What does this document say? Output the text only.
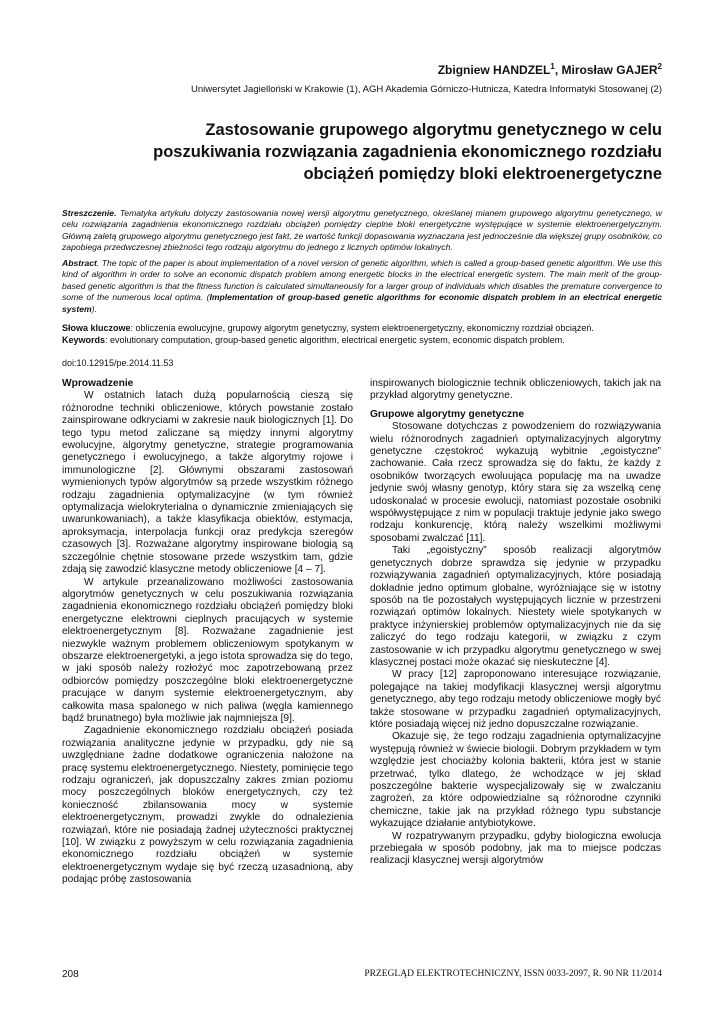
Zbigniew HANDZEL$^1$, Mirosław GAJER$^2$
Uniwersytet Jagielloński w Krakowie (1), AGH Akademia Górniczo-Hutnicza, Katedra Informatyki Stosowanej (2)
Zastosowanie grupowego algorytmu genetycznego w celu poszukiwania rozwiązania zagadnienia ekonomicznego rozdziału obciążeń pomiędzy bloki elektroenergetyczne
Streszczenie. Tematyka artykułu dotyczy zastosowania nowej wersji algorytmu genetycznego, określanej mianem grupowego algorytmu genetycznego, w celu rozwiązania zagadnienia ekonomicznego rozdziału obciążeń pomiędzy cieplne bloki energetyczne występujące w systemie elektroenergetycznym. Główną zaletą grupowego algorytmu genetycznego jest fakt, że wartość funkcji dopasowania wyznaczana jest jednocześnie dla większej grupy osobników, co zapobiega przedwczesnej zbieżności tego rodzaju algorytmu do jednego z licznych optimów lokalnych.
Abstract. The topic of the paper is about implementation of a novel version of genetic algorithm, which is called a group-based genetic algorithm. We use this kind of algorithm in order to solve an economic dispatch problem among energetic blocks in the electrical energetic system. The main merit of the group-based genetic algorithm is that the fitness function is calculated simultaneously for a larger group of individuals which disables the premature convergence to some of the numerous local optima. (Implementation of group-based genetic algorithms for economic dispatch problem in an electrical energetic system).
Słowa kluczowe: obliczenia ewolucyjne, grupowy algorytm genetyczny, system elektroenergetyczny, ekonomiczny rozdział obciążeń.
Keywords: evolutionary computation, group-based genetic algorithm, electrical energetic system, economic dispatch problem.
doi:10.12915/pe.2014.11.53
Wprowadzenie

W ostatnich latach dużą popularnością cieszą się różnorodne techniki obliczeniowe, których powstanie zostało zainspirowane odkryciami w zakresie nauk biologicznych [1]. Do tego typu metod zaliczane są między innymi algorytmy ewolucyjne, algorytmy genetyczne, strategie programowania genetycznego i ewolucyjnego, a także algorytmy rojowe i immunologiczne [2]. Głównymi obszarami zastosowań wymienionych typów algorytmów są przede wszystkim różnego rodzaju zagadnienia optymalizacyjne (w tym również optymalizacja wielokryterialna o dynamicznie zmieniających się uwarunkowaniach), a także klasyfikacja obiektów, estymacja, aproksymacja, interpolacja funkcji oraz predykcja szeregów czasowych [3]. Rozważane algorytmy inspirowane biologią są szczególnie chętnie stosowane przede wszystkim tam, gdzie zdają się zawodzić klasyczne metody obliczeniowe [4 – 7].

W artykule przeanalizowano możliwości zastosowania algorytmów genetycznych w celu poszukiwania rozwiązania zagadnienia ekonomicznego rozdziału obciążeń pomiędzy bloki energetyczne elektrowni cieplnych pracujących w systemie elektroenergetycznym [8]. Rozważane zagadnienie jest niezwykle ważnym problemem obliczeniowym spotykanym w obszarze elektroenergetyki, a jego istota sprowadza się do tego, w jaki sposób należy rozłożyć moc zapotrzebowaną przez odbiorców pomiędzy poszczególne bloki elektroenergetyczne pracujące w danym systemie elektroenergetycznym, aby całkowita masa spalonego w nich paliwa (węgla kamiennego bądź brunatnego) była możliwie jak najmniejsza [9].

Zagadnienie ekonomicznego rozdziału obciążeń posiada rozwiązania analityczne jedynie w przypadku, gdy nie są uwzględniane żadne dodatkowe ograniczenia nałożone na pracę systemu elektroenergetycznego. Niestety, pominięcie tego rodzaju ograniczeń, jak dopuszczalny zakres zmian poziomu mocy poszczególnych bloków energetycznych, czy też konieczność zbilansowania mocy w systemie elektroenergetycznym, prowadzi zwykle do odnalezienia rozwiązań, które nie posiadają żadnej użyteczności praktycznej [10]. W związku z powyższym w celu rozwiązania zagadnienia ekonomicznego rozdziału obciążeń w systemie elektroenergetycznym wydaje się być rzeczą uzasadnioną, aby podając próbę zastosowania

inspirowanych biologicznie technik obliczeniowych, takich jak na przykład algorytmy genetyczne.

Grupowe algorytmy genetyczne

Stosowane dotychczas z powodzeniem do rozwiązywania wielu różnorodnych zagadnień optymalizacyjnych algorytmy genetyczne częstokroć wykazują wybitnie „egoistyczne” zachowanie. Cała rzecz sprowadza się do faktu, że każdy z osobników tworzących ewoluująca populację ma na uwadze jedynie swój własny genotyp, który stara się za wszelką cenę udoskonalać w procesie ewolucji, natomiast pozostałe osobniki współwystępujące z nim w populacji traktuje jedynie jako swego rodzaju konkurencję, którą należy wszelkimi możliwymi sposobami zwalczać [11].

Taki „egoistyczny” sposób realizacji algorytmów genetycznych dobrze sprawdza się jedynie w przypadku rozwiązywania zagadnień optymalizacyjnych, które posiadają dokładnie jedno optimum globalne, wyróżniające się w istotny sposób na tle pozostałych występujących licznie w przestrzeni rozwiązań optimów lokalnych. Niestety wiele spotykanych w praktyce inżynierskiej problemów optymalizacyjnych nie da się zaliczyć do tego rodzaju kategorii, w związku z czym zastosowanie w ich przypadku algorytmu genetycznego w swej klasycznej postaci może okazać się nieskuteczne [4].

W pracy [12] zaproponowano interesujące rozwiązanie, polegające na takiej modyfikacji klasycznej wersji algorytmu genetycznego, aby tego rodzaju metody obliczeniowe mogły być także stosowane w przypadku zagadnień optymalizacyjnych, które posiadają więcej niż jedno dopuszczalne rozwiązanie.

Okazuje się, że tego rodzaju zagadnienia optymalizacyjne występują również w świecie biologii. Dobrym przykładem w tym względzie jest chociażby kolonia bakterii, która jest w stanie przetrwać, tylko dlatego, że wchodzące w jej skład poszczególne bakterie wyspecjalizowały się w zwalczaniu zagrożeń, za które odpowiedzialne są różnorodne czynniki chemiczne, takie jak na przykład różnego typu substancje wykazujące działanie antybiotykowe.

W rozpatrywanym przypadku, gdyby biologiczna ewolucja przebiegała w sposób podobny, jak ma to miejsce podczas realizacji klasycznej wersji algorytmów

208	PRZEGLĄD ELEKTROTECHNICZNY, ISSN 0033-2097, R. 90 NR 11/2014
